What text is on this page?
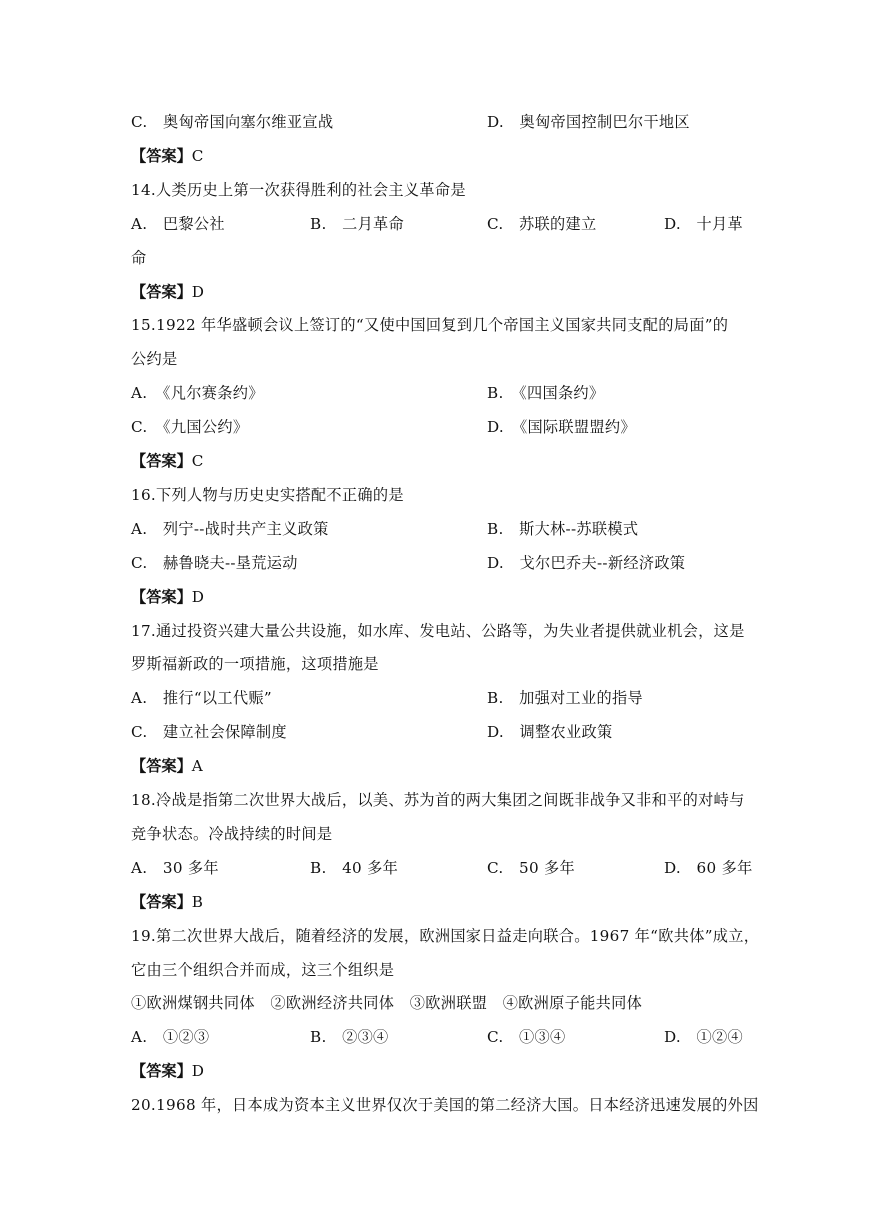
C.　奥匈帝国向塞尔维亚宣战	D.　奥匈帝国控制巴尔干地区
【答案】C
14.人类历史上第一次获得胜利的社会主义革命是
A.　巴黎公社	B.　二月革命	C.　苏联的建立	D.　十月革
命
【答案】D
15.1922 年华盛顿会议上签订的“又使中国回复到几个帝国主义国家共同支配的局面”的
公约是
A.　《凡尔赛条约》	B.　《四国条约》
C.　《九国公约》	D.　《国际联盟盟约》
【答案】C
16.下列人物与历史史实搭配不正确的是
A.　列宁--战时共产主义政策	B.　斯大林--苏联模式
C.　赫鲁晓夫--垦荒运动	D.　戈尔巴乔夫--新经济政策
【答案】D
17.通过投资兴建大量公共设施，如水库、发电站、公路等，为失业者提供就业机会，这是
罗斯福新政的一项措施，这项措施是
A.　推行“以工代赈”	B.　加强对工业的指导
C.　建立社会保障制度	D.　调整农业政策
【答案】A
18.冷战是指第二次世界大战后，以美、苏为首的两大集团之间既非战争又非和平的对峙与
竞争状态。冷战持续的时间是
A.　30 多年	B.　40 多年	C.　50 多年	D.　60 多年
【答案】B
19.第二次世界大战后，随着经济的发展，欧洲国家日益走向联合。1967 年“欧共体”成立，
它由三个组织合并而成，这三个组织是
①欧洲煤钢共同体　②欧洲经济共同体　③欧洲联盟　④欧洲原子能共同体
A.　①②③	B.　②③④	C.　①③④	D.　①②④
【答案】D
20.1968 年，日本成为资本主义世界仅次于美国的第二经济大国。日本经济迅速发展的外因
